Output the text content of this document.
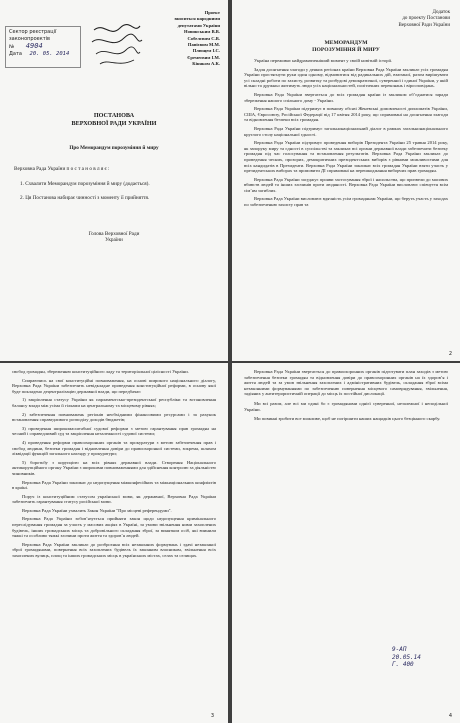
Сектор реєстрації
законопроектів
№ 4904
Дата 20. 05. 2014

Проект
вноситься народними
депутатами України
Новинським В.В.
Собелєвим С.В.
Папієвим М.М.
Плющем І.С.
Єремеєвим І.М.
Кіняком А.К.

ПОСТАНОВА
ВЕРХОВНОЇ РАДИ УКРАЇНИ

Про Меморандум порозуміння й миру

Верховна Рада України п о с т а н о в л я є :

1. Схвалити Меморандум порозуміння й миру (додається).

2. Ця Постанова набирає чинності з моменту її прийняття.

Голова Верховної Ради
України

Додаток
до проекту Постанови
Верховної Ради України

МЕМОРАНДУМ
ПОРОЗУМІННЯ Й МИРУ

Україна переживає найдраматичніший момент у своїй новітній історії.

Задля досягнення злагоди у деяких регіонах країни Верховна Рада України закликає усіх громадян України простягнути руки один одному, відмовитися від радикальних дій, взаємної, разом вирішувати усі складні роботи по захисту, розвитку та розбудові демократичної, суверенної і єдиної України, у якій вільно та дружньо житимуть люди усіх національностей, політичних переконань і віросповідань.

Верховна Рада України звертається до всіх громадян країни із закликом об’єднатися заради збереження нашого спільного дому - України.

Верховна Рада України підтримує в повному обсязі Женевські домовленості дипломатів України, США, Євросоюзу, Російської Федерації від 17 квітня 2014 року, що спрямовані на досягнення злагоди та відновлення безпеки всіх громадян.

Верховна Рада України підтримує загальнонаціональний діалог в рамках загальнонаціонального круглого столу національної єдності.

Верховна Рада України підтримує проведення виборів Президента України 25 травня 2014 року, як запоруку миру та єдності в суспільстві та закликає всі органи державної влади забезпечити безпеку громадян під час голосування та встановлення результатів. Верховна Рада України закликає до проведення чесних, прозорих, демократичних президентських виборів з рівними можливостями для всіх кандидатів в Президенти. Верховна Рада України закликає всіх громадян України взяти участь у президентських виборах та промовити ДІ спрямовані на перешкоджання виборчих прав громадян.

Верховна Рада України засуджує прояви застосування зброї і насильства, що призвели до масових вбивств людей та інших злочинів проти людяності. Верховна Рада України висловлює співчуття всім сім’ям загиблих.

Верховна Рада України висловлює вдячність усім громадянам України, що беруть участь у заходах по забезпеченню захисту прав та

2

свобод громадян, збереженню конституційного ладу та територіальної цілісності України.

Спираючись на свої конституційні повноваження, на основі широкого національного діалогу, Верховна Рада України забезпечить невідкладне проведення конституційної реформи, в основу якої буде покладено децентралізацію державної влади, що передбачає:

1) закріплення статусу України як парламентсько-президентської республіки та встановлення балансу влади між усіма її гілками на центральному та місцевому рівнях;

2) забезпечення повноважень регіонів необхідними фінансовими ресурсами і за рахунок встановлення справедливого розподілу доходів бюджетів;

3) проведення широкомасштабної судової реформи з метою гарантування прав громадян на чесний і справедливий суд та закріплення незалежності судової системи;

4) проведення реформи правоохоронних органів та прокуратури з метою забезпечення прав і свобод людини, безпеки громадян і відновлення довіри до правоохоронної системи, зокрема, шляхом ліквідації функцій загального нагляду у прокуратури;

5) боротьбу з корупцією на всіх рівнях державної влади. Створення Національного антикорупційного органу України з широкими повноваженнями для здійснення контролю за діяльністю чиновників.

Верховна Рада України закликає до недопущення міжконфесійних та міжнаціональних конфліктів в країні.

Поруч із конституційним статусом української мови, як державної, Верховна Рада України забезпечить гарантування статусу російської мови.

Верховна Рада України ухвалить Закон України "Про місцеві референдуми".

Верховна Рада України зобов’язується прийняти закон щодо недопущення кримінального переслідування громадян за участь у масових акціях в Україні, за умови звільнення ними захоплених будівель, інших громадських місць та добровільного складання зброї, за винятком осіб, які вчинили тяжкі та особливо тяжкі злочини проти життя та здоров’я людей.

Верховна Рада України закликає до розброєння всіх незаконних формувань і здачі незаконної зброї громадянами, повернення всіх захоплених будівель їх законним власникам, звільнення всіх захоплених вулиць, площ та інших громадських місць в українських містах, селах та селищах.

3

Верховна Рада України звертається до правоохоронних органів підготувати план заходів з метою забезпечення безпеки громадян та відновлення довіри до правоохоронних органів на їх здоров’я і життя людей та за умов звільнення захоплених і адміністративних будівель, складання зброї всіма незаконними формуваннями по забезпеченню повернення місцевого самоврядування, звільнення, задіяних у антитерористичній операції до місць їх постійної дислокації.

Ми всі разом, але всі ми єдині бо є громадянами однієї суверенної, незалежної і неподільної України.

Ми повинні зробити все можливе, щоб не погіршити наших нащадків цього безцінного скарбу.

9-АП
20.05.14
Г. 400

4
